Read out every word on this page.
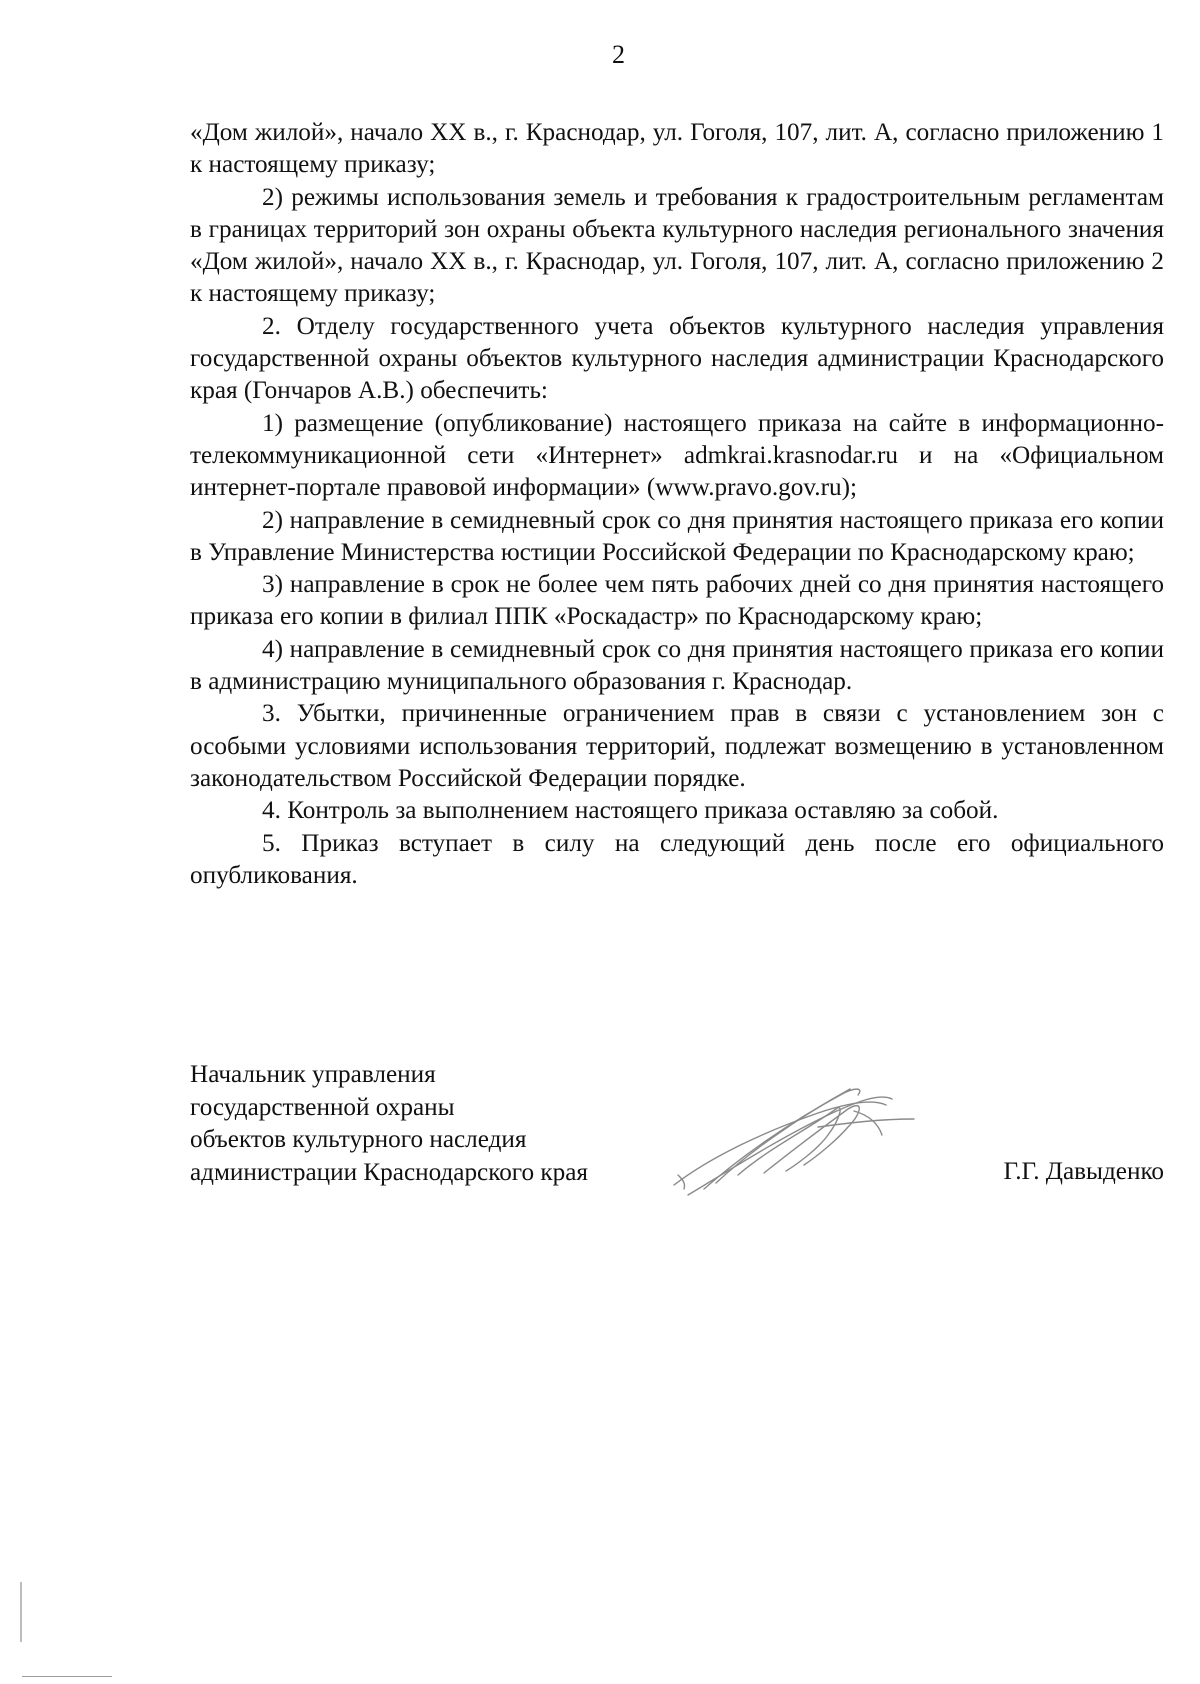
2

«Дом жилой», начало XX в., г. Краснодар, ул. Гоголя, 107, лит. А, согласно приложению 1 к настоящему приказу;

2) режимы использования земель и требования к градостроительным регламентам в границах территорий зон охраны объекта культурного наследия регионального значения «Дом жилой», начало XX в., г. Краснодар, ул. Гоголя, 107, лит. А, согласно приложению 2 к настоящему приказу;

2. Отделу государственного учета объектов культурного наследия управления государственной охраны объектов культурного наследия администрации Краснодарского края (Гончаров А.В.) обеспечить:

1) размещение (опубликование) настоящего приказа на сайте в информационно-телекоммуникационной сети «Интернет» admkrai.krasnodar.ru и на «Официальном интернет-портале правовой информации» (www.pravo.gov.ru);

2) направление в семидневный срок со дня принятия настоящего приказа его копии в Управление Министерства юстиции Российской Федерации по Краснодарскому краю;

3) направление в срок не более чем пять рабочих дней со дня принятия настоящего приказа его копии в филиал ППК «Роскадастр» по Краснодарскому краю;

4) направление в семидневный срок со дня принятия настоящего приказа его копии в администрацию муниципального образования г. Краснодар.

3. Убытки, причиненные ограничением прав в связи с установлением зон с особыми условиями использования территорий, подлежат возмещению в установленном законодательством Российской Федерации порядке.

4. Контроль за выполнением настоящего приказа оставляю за собой.

5. Приказ вступает в силу на следующий день после его официального опубликования.

Начальник управления
государственной охраны
объектов культурного наследия
администрации Краснодарского края	Г.Г. Давыденко
